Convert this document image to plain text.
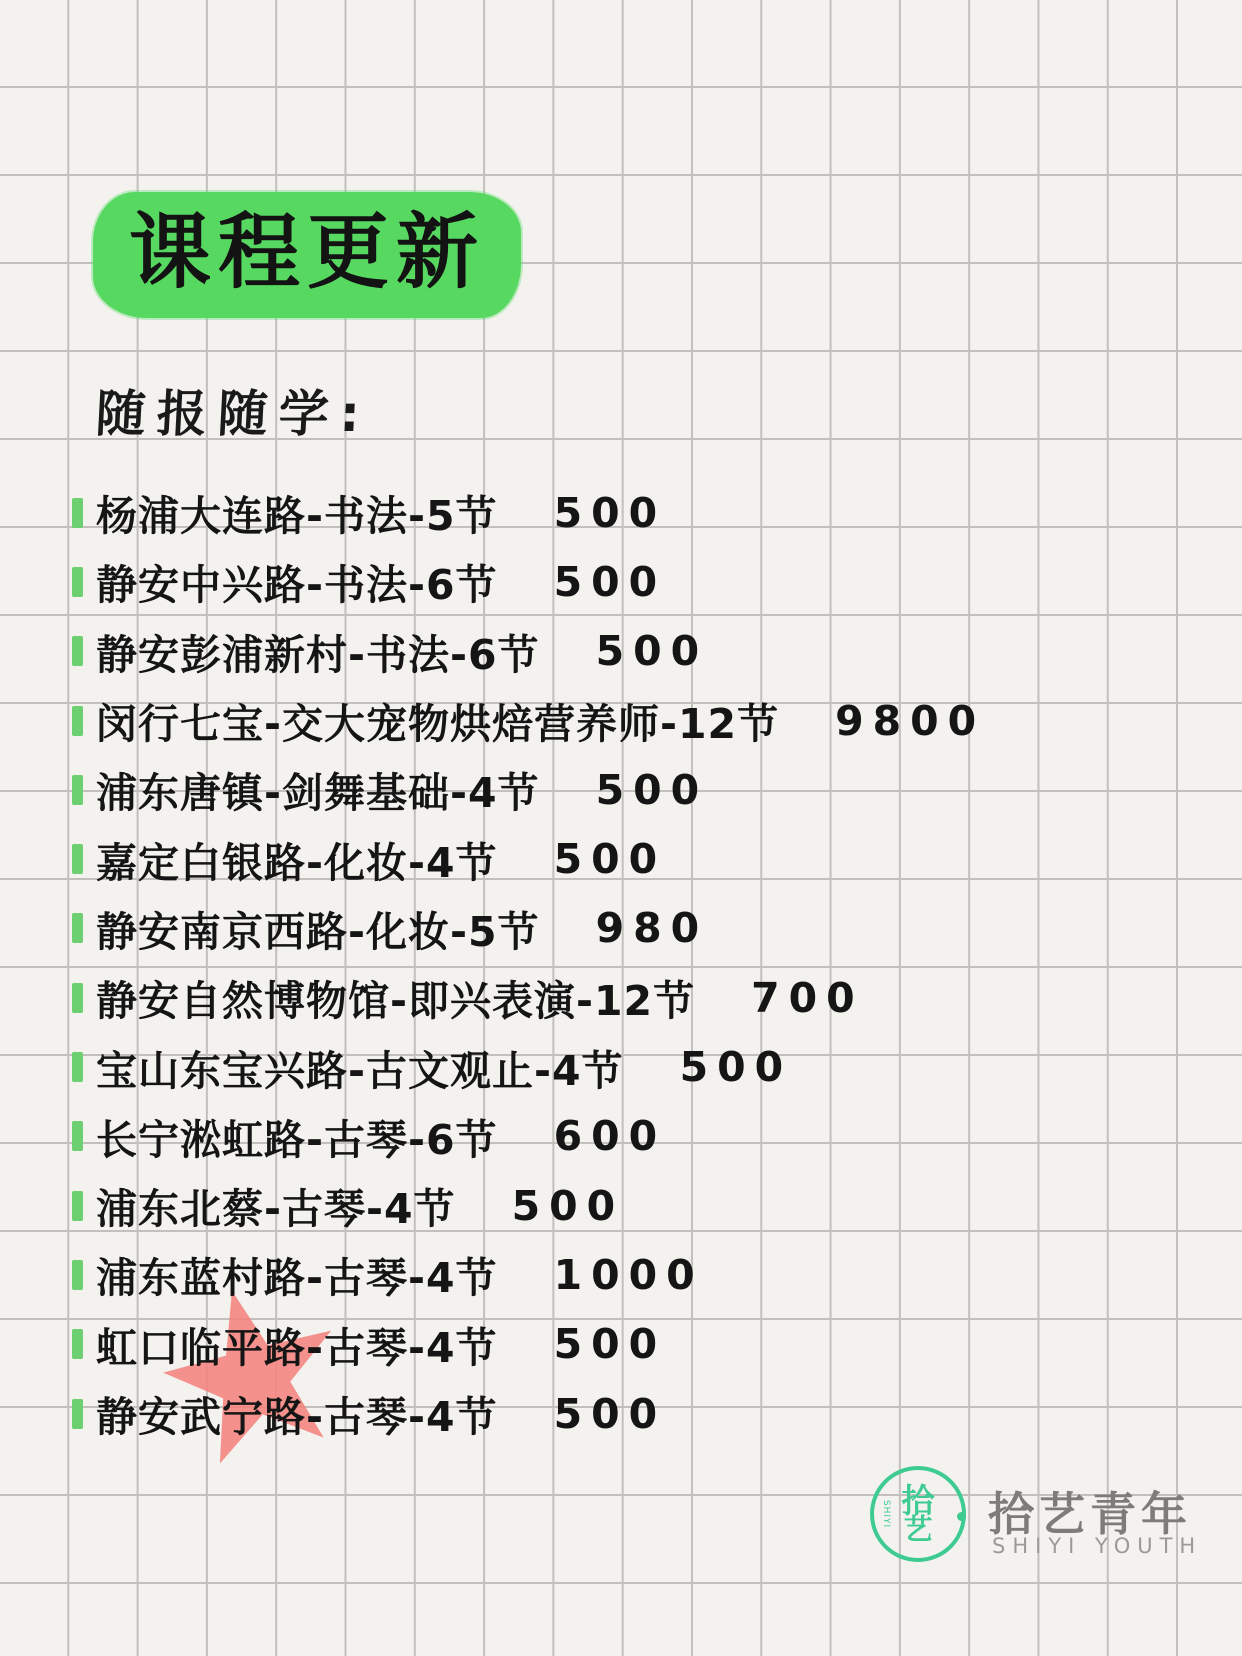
课程更新
随报随学:
杨浦大连路-书法-5节 500
静安中兴路-书法-6节 500
静安彭浦新村-书法-6节 500
闵行七宝-交大宠物烘焙营养师-12节 9800
浦东唐镇-剑舞基础-4节 500
嘉定白银路-化妆-4节 500
静安南京西路-化妆-5节 980
静安自然博物馆-即兴表演-12节 700
宝山东宝兴路-古文观止-4节 500
长宁淞虹路-古琴-6节 600
浦东北蔡-古琴-4节 500
浦东蓝村路-古琴-4节 1000
虹口临平路-古琴-4节 500
静安武宁路-古琴-4节 500
SHIYI 拾
艺 拾艺青年
SHIYI YOUTH
